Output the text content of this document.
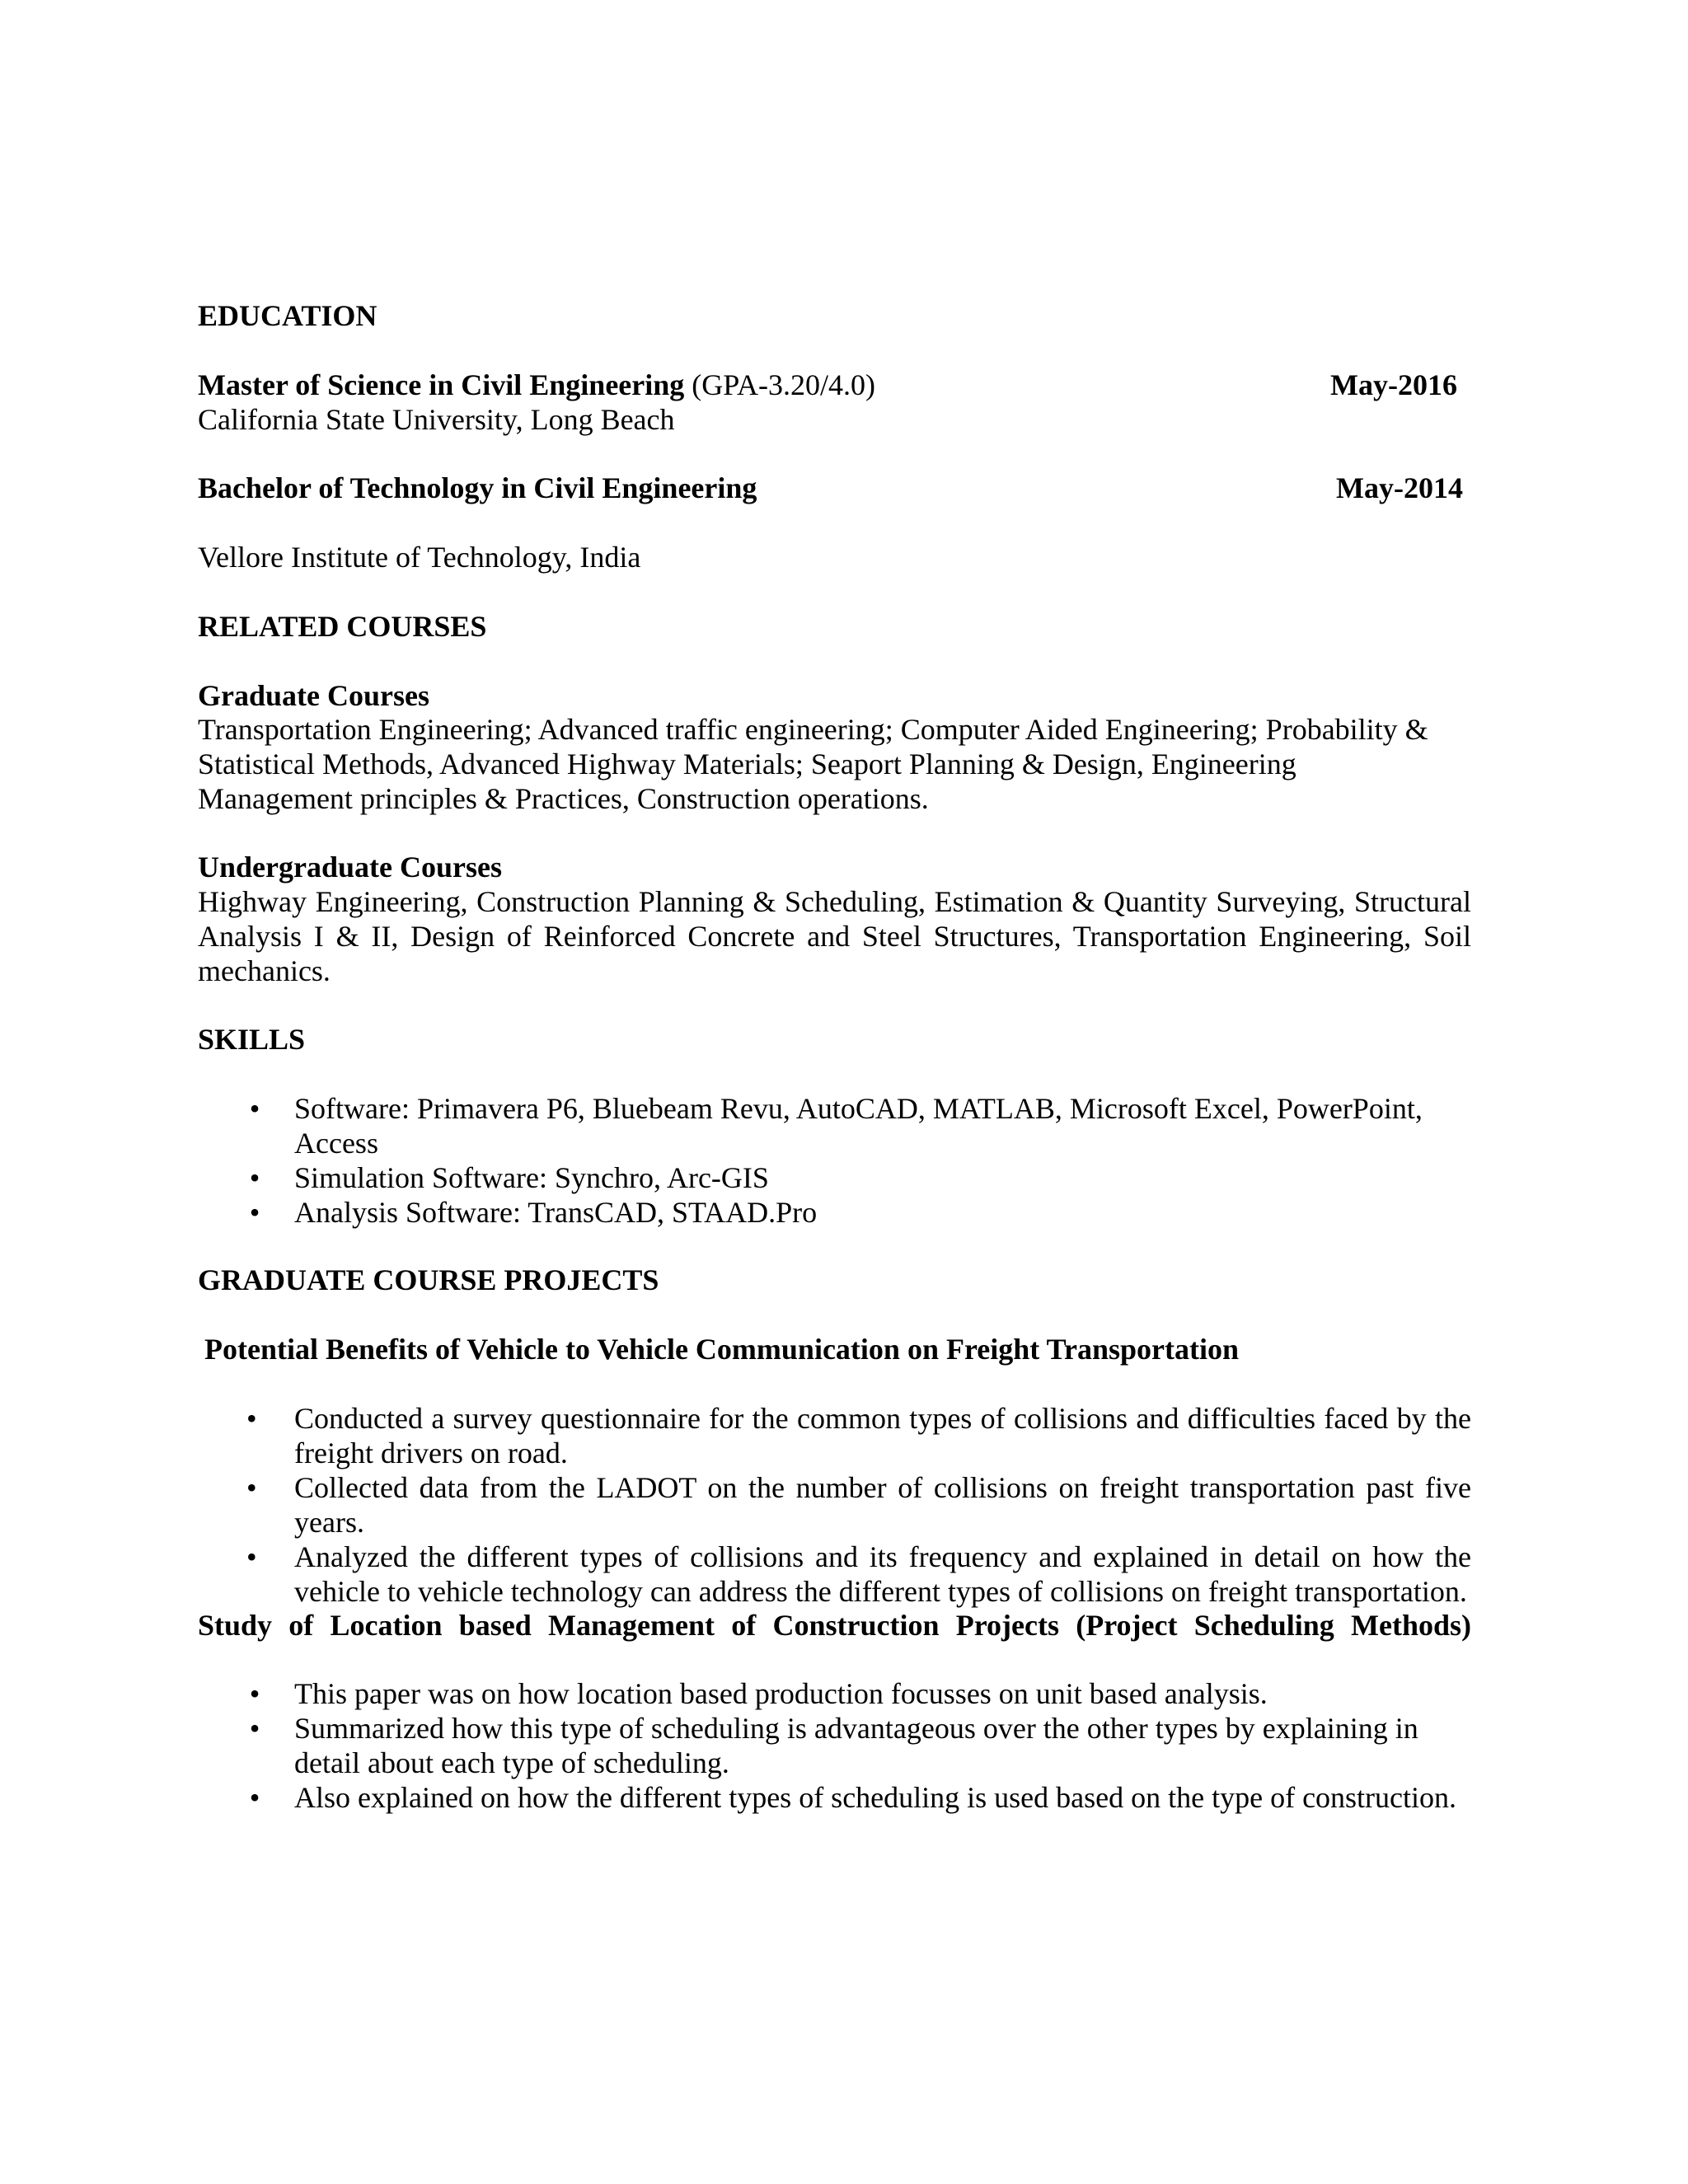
EDUCATION
Master of Science in Civil Engineering (GPA-3.20/4.0)	May-2016
California State University, Long Beach
Bachelor of Technology in Civil Engineering	May-2014
Vellore Institute of Technology, India
RELATED COURSES
Graduate Courses
Transportation Engineering; Advanced traffic engineering; Computer Aided Engineering; Probability &
Statistical Methods, Advanced Highway Materials; Seaport Planning & Design, Engineering
Management principles & Practices, Construction operations.
Undergraduate Courses
Highway Engineering, Construction Planning & Scheduling, Estimation & Quantity Surveying, Structural Analysis I & II, Design of Reinforced Concrete and Steel Structures, Transportation Engineering, Soil mechanics.
SKILLS
• Software: Primavera P6, Bluebeam Revu, AutoCAD, MATLAB, Microsoft Excel, PowerPoint, Access
• Simulation Software: Synchro, Arc-GIS
• Analysis Software: TransCAD, STAAD.Pro
GRADUATE COURSE PROJECTS
Potential Benefits of Vehicle to Vehicle Communication on Freight Transportation
• Conducted a survey questionnaire for the common types of collisions and difficulties faced by the freight drivers on road.
• Collected data from the LADOT on the number of collisions on freight transportation past five years.
• Analyzed the different types of collisions and its frequency and explained in detail on how the vehicle to vehicle technology can address the different types of collisions on freight transportation.
Study of Location based Management of Construction Projects (Project Scheduling Methods)
• This paper was on how location based production focusses on unit based analysis.
• Summarized how this type of scheduling is advantageous over the other types by explaining in detail about each type of scheduling.
• Also explained on how the different types of scheduling is used based on the type of construction.
